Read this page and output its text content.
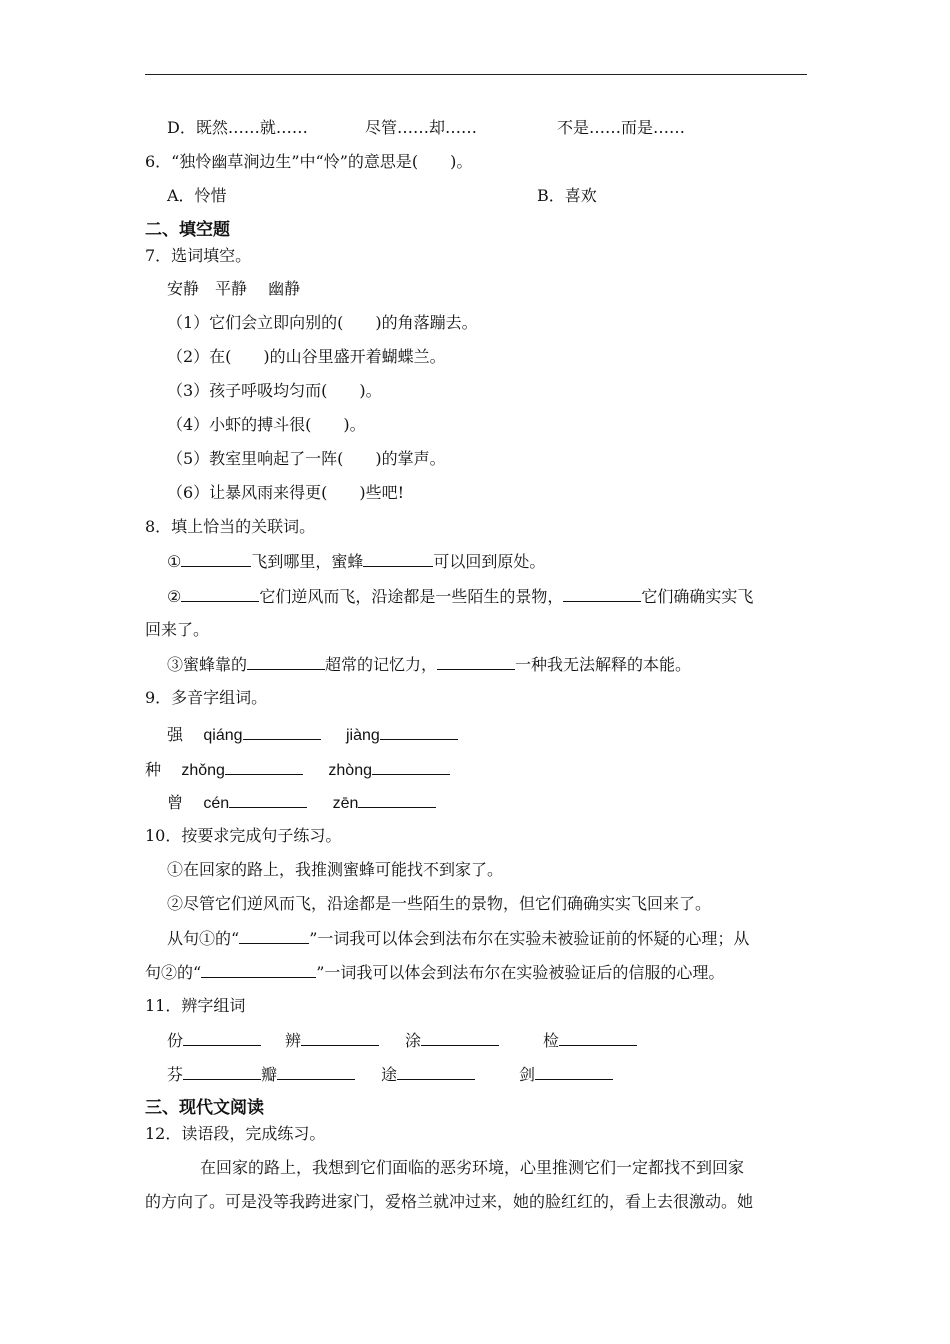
D．既然……就……	尽管……却……	不是……而是……
6．“独怜幽草涧边生”中“怜”的意思是(　　)。
A．怜惜	B．喜欢
二、填空题
7．选词填空。
安静　平静　 幽静
（1）它们会立即向别的(　　)的角落蹦去。
（2）在(　　)的山谷里盛开着蝴蝶兰。
（3）孩子呼吸均匀而(　　)。
（4）小虾的搏斗很(　　)。
（5）教室里响起了一阵(　　)的掌声。
（6）让暴风雨来得更(　　)些吧!
8．填上恰当的关联词。
①	飞到哪里，蜜蜂	可以回到原处。
②	它们逆风而飞，沿途都是一些陌生的景物，	它们确确实实飞
回来了。
③蜜蜂靠的	超常的记忆力，	一种我无法解释的本能。
9．多音字组词。
强 qiáng	jiàng
种 zhǒng	zhòng
曾 cén	zēn
10．按要求完成句子练习。
①在回家的路上，我推测蜜蜂可能找不到家了。
②尽管它们逆风而飞，沿途都是一些陌生的景物，但它们确确实实飞回来了。
从句①的“	”一词我可以体会到法布尔在实验未被验证前的怀疑的心理；从
句②的“	”一词我可以体会到法布尔在实验被验证后的信服的心理。
11．辨字组词
份	辨	涂	检
芬	瓣	途	剑
三、现代文阅读
12．读语段，完成练习。
在回家的路上，我想到它们面临的恶劣环境，心里推测它们一定都找不到回家
的方向了。可是没等我跨进家门，爱格兰就冲过来，她的脸红红的，看上去很激动。她
